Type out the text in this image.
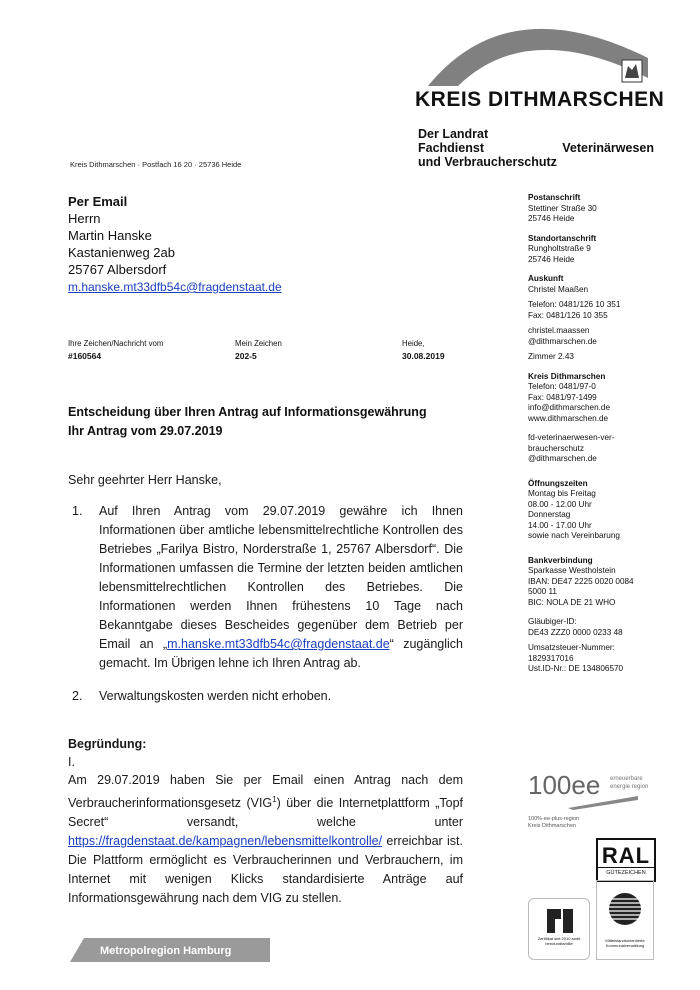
KREIS DITHMARSCHEN
Der Landrat
Fachdienst	Veterinärwesen
und Verbraucherschutz
Kreis Dithmarschen · Postfach 16 20 · 25736 Heide
Per Email
Herrn
Martin Hanske
Kastanienweg 2ab
25767 Albersdorf
m.hanske.mt33dfb54c@fragdenstaat.de
Ihre Zeichen/Nachricht vom
#160564
Mein Zeichen
202-5
Heide,
30.08.2019
Entscheidung über Ihren Antrag auf Informationsgewährung
Ihr Antrag vom 29.07.2019
Sehr geehrter Herr Hanske,
1.	Auf Ihren Antrag vom 29.07.2019 gewähre ich Ihnen Informationen über amtliche lebensmittelrechtliche Kontrollen des Betriebes „Farilya Bistro, Norderstraße 1, 25767 Albersdorf“. Die Informationen umfassen die Termine der letzten beiden amtlichen lebensmittelrechtlichen Kontrollen des Betriebes. Die Informationen werden Ihnen frühestens 10 Tage nach Bekanntgabe dieses Bescheides gegenüber dem Betrieb per Email an „m.hanske.mt33dfb54c@fragdenstaat.de“ zugänglich gemacht. Im Übrigen lehne ich Ihren Antrag ab.
2.	Verwaltungskosten werden nicht erhoben.
Begründung:
I.
Am 29.07.2019 haben Sie per Email einen Antrag nach dem Verbraucherinformationsgesetz (VIG$^1$) über die Internetplattform „Topf Secret“ versandt, welche unter https://fragdenstaat.de/kampagnen/lebensmittelkontrolle/ erreichbar ist. Die Plattform ermöglicht es Verbraucherinnen und Verbrauchern, im Internet mit wenigen Klicks standardisierte Anträge auf Informationsgewährung nach dem VIG zu stellen.
Postanschrift
Stettiner Straße 30
25746 Heide
Standortanschrift
Rungholtstraße 9
25746 Heide
Auskunft
Christel Maaßen
Telefon: 0481/126 10 351
Fax: 0481/126 10 355
christel.maassen
@dithmarschen.de
Zimmer 2.43
Kreis Dithmarschen
Telefon: 0481/97-0
Fax: 0481/97-1499
info@dithmarschen.de
www.dithmarschen.de
fd-veterinaerwesen-ver-
braucherschutz
@dithmarschen.de
Öffnungszeiten
Montag bis Freitag
08.00 - 12.00 Uhr
Donnerstag
14.00 - 17.00 Uhr
sowie nach Vereinbarung
Bankverbindung
Sparkasse Westholstein
IBAN: DE47 2225 0020 0084
5000 11
BIC: NOLA DE 21 WHO
Gläubiger-ID:
DE43 ZZZ0 0000 0233 48
Umsatzsteuer-Nummer:
1829317016
Ust.ID-Nr.: DE 134806570
100ee erneuerbare
energie region
100%-ee-plus-region
Kreis Dithmarschen
RAL
GÜTEZEICHEN
Zertifikat seit 2010 audit berufundfamilie
Mittelstandsorientierte Kommunalverwaltung
Metropolregion Hamburg
